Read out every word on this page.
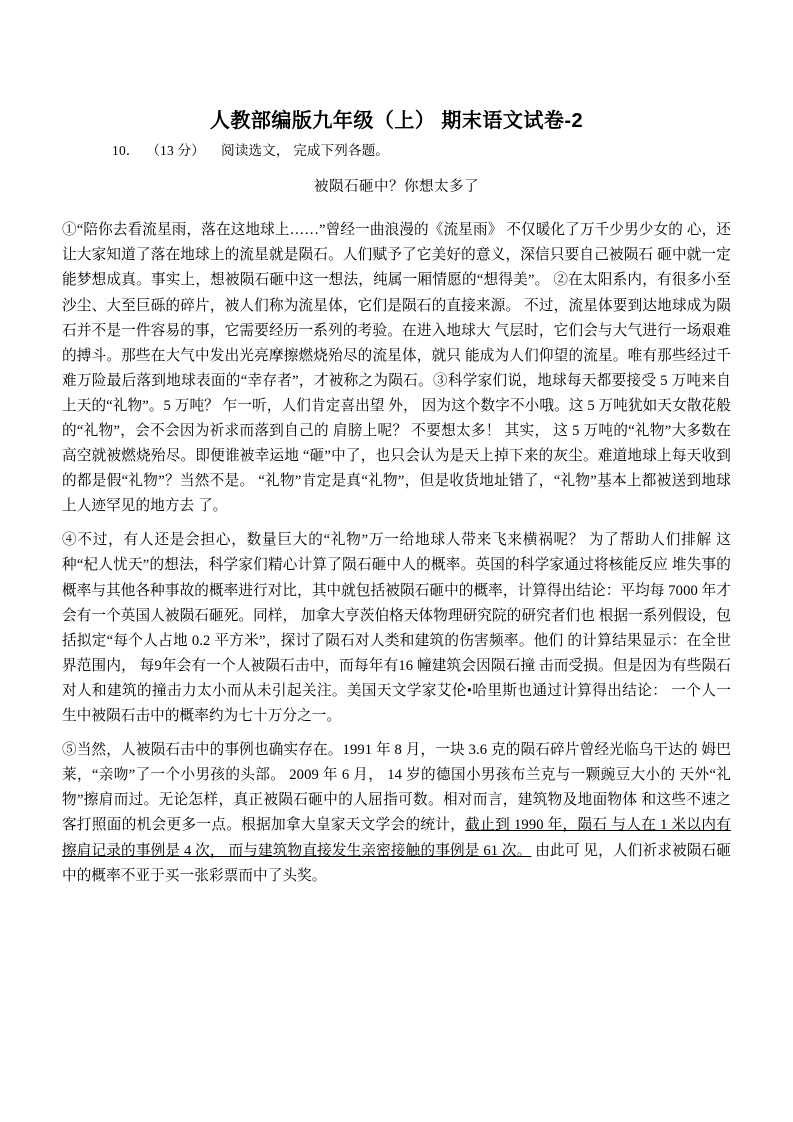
人教部编版九年级（上） 期末语文试卷-2
10． （13 分） 阅读选文， 完成下列各题。
被陨石砸中？你想太多了

①“陪你去看流星雨，落在这地球上……”曾经一曲浪漫的《流星雨》 不仅暖化了万千少男少女的 心，还让大家知道了落在地球上的流星就是陨石。人们赋予了它美好的意义，深信只要自己被陨石 砸中就一定能梦想成真。事实上，想被陨石砸中这一想法，纯属一厢情愿的“想得美”。 ②在太阳系内，有很多小至沙尘、大至巨砾的碎片，被人们称为流星体，它们是陨石的直接来源。 不过，流星体要到达地球成为陨石并不是一件容易的事，它需要经历一系列的考验。在进入地球大 气层时，它们会与大气进行一场艰难的搏斗。那些在大气中发出光亮摩擦燃烧殆尽的流星体，就只 能成为人们仰望的流星。唯有那些经过千难万险最后落到地球表面的“幸存者”，才被称之为陨石。③科学家们说，地球每天都要接受 5 万吨来自上天的“礼物”。5 万吨？ 乍一听，人们肯定喜出望 外， 因为这个数字不小哦。这 5 万吨犹如天女散花般的“礼物”，会不会因为祈求而落到自己的 肩膀上呢？ 不要想太多！ 其实， 这 5 万吨的“礼物”大多数在高空就被燃烧殆尽。即便谁被幸运地 “砸”中了，也只会认为是天上掉下来的灰尘。难道地球上每天收到的都是假“礼物”？当然不是。 “礼物”肯定是真“礼物”，但是收货地址错了，“礼物”基本上都被送到地球上人迹罕见的地方去 了。

④不过，有人还是会担心，数量巨大的“礼物”万一给地球人带来飞来横祸呢？ 为了帮助人们排解 这种“杞人忧天”的想法，科学家们精心计算了陨石砸中人的概率。英国的科学家通过将核能反应 堆失事的概率与其他各种事故的概率进行对比，其中就包括被陨石砸中的概率，计算得出结论：平均每 7000 年才会有一个英国人被陨石砸死。同样， 加拿大亨茨伯格天体物理研究院的研究者们也 根据一系列假设，包括拟定“每个人占地 0.2 平方米”，探讨了陨石对人类和建筑的伤害频率。他们 的计算结果显示：在全世界范围内， 每9年会有一个人被陨石击中，而每年有16 幢建筑会因陨石撞 击而受损。但是因为有些陨石对人和建筑的撞击力太小而从未引起关注。美国天文学家艾伦•哈里斯也通过计算得出结论： 一个人一生中被陨石击中的概率约为七十万分之一。

⑤当然，人被陨石击中的事例也确实存在。1991 年 8 月，一块 3.6 克的陨石碎片曾经光临乌干达的 姆巴莱，“亲吻”了一个小男孩的头部。 2009 年 6 月， 14 岁的德国小男孩布兰克与一颗豌豆大小的 天外“礼物”擦肩而过。无论怎样，真正被陨石砸中的人屈指可数。相对而言，建筑物及地面物体 和这些不速之客打照面的机会更多一点。根据加拿大皇家天文学会的统计，截止到 1990 年，陨石 与人在 1 米以内有擦肩记录的事例是 4 次， 而与建筑物直接发生亲密接触的事例是 61 次。 由此可 见，人们祈求被陨石砸中的概率不亚于买一张彩票而中了头奖。
